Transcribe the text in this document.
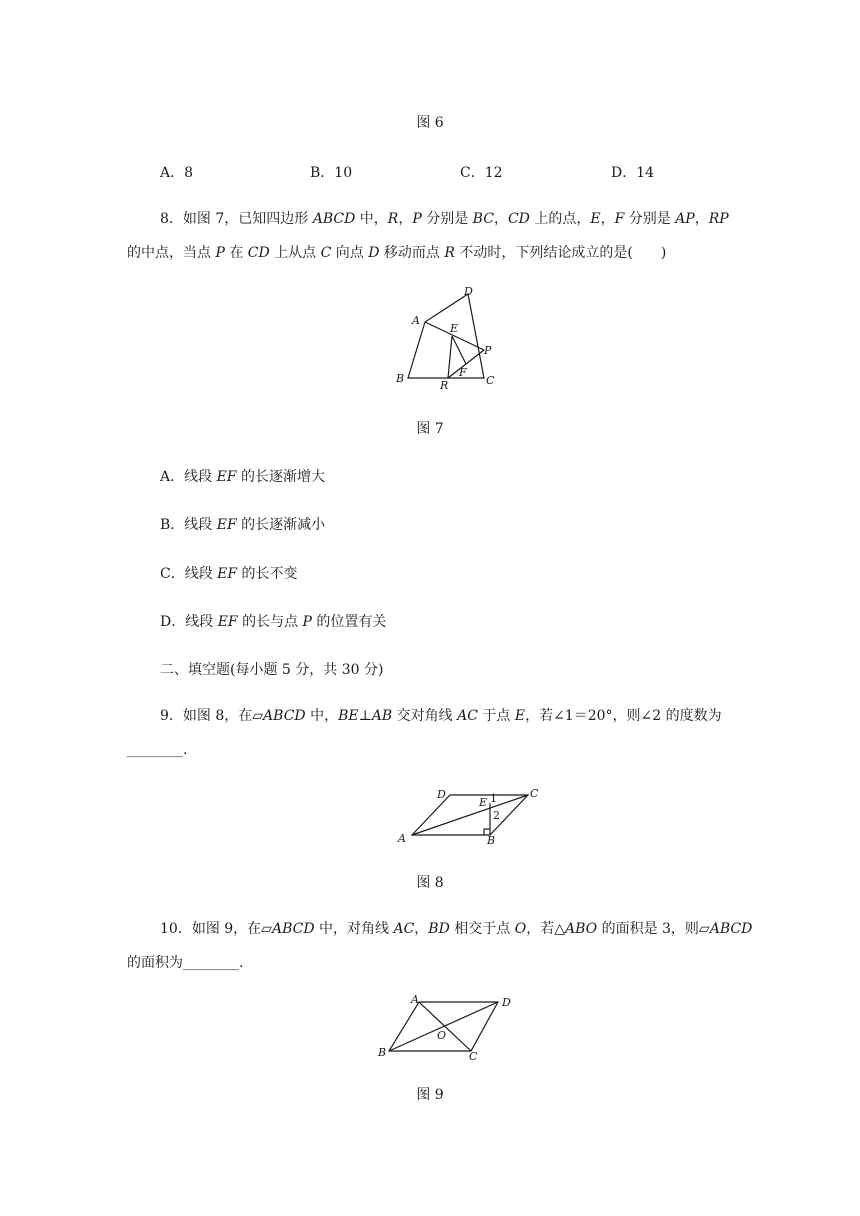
图 6
A．8	B．10	C．12	D．14
8．如图 7，已知四边形 ABCD 中，R，P 分别是 BC，CD 上的点，E，F 分别是 AP，RP
的中点，当点 P 在 CD 上从点 C 向点 D 移动而点 R 不动时，下列结论成立的是(　　)
D
A
E
P
F
B
R	C
图 7
A．线段 EF 的长逐渐增大
B．线段 EF 的长逐渐减小
C．线段 EF 的长不变
D．线段 EF 的长与点 P 的位置有关
二、填空题(每小题 5 分，共 30 分)
9．如图 8，在▱ABCD 中，BE⊥AB 交对角线 AC 于点 E，若∠1＝20°，则∠2 的度数为
________.
D	C
E 1
2
A	B
图 8
10．如图 9，在▱ABCD 中，对角线 AC，BD 相交于点 O，若△ABO 的面积是 3，则▱ABCD
的面积为________.
A	D
O
B	C
图 9
